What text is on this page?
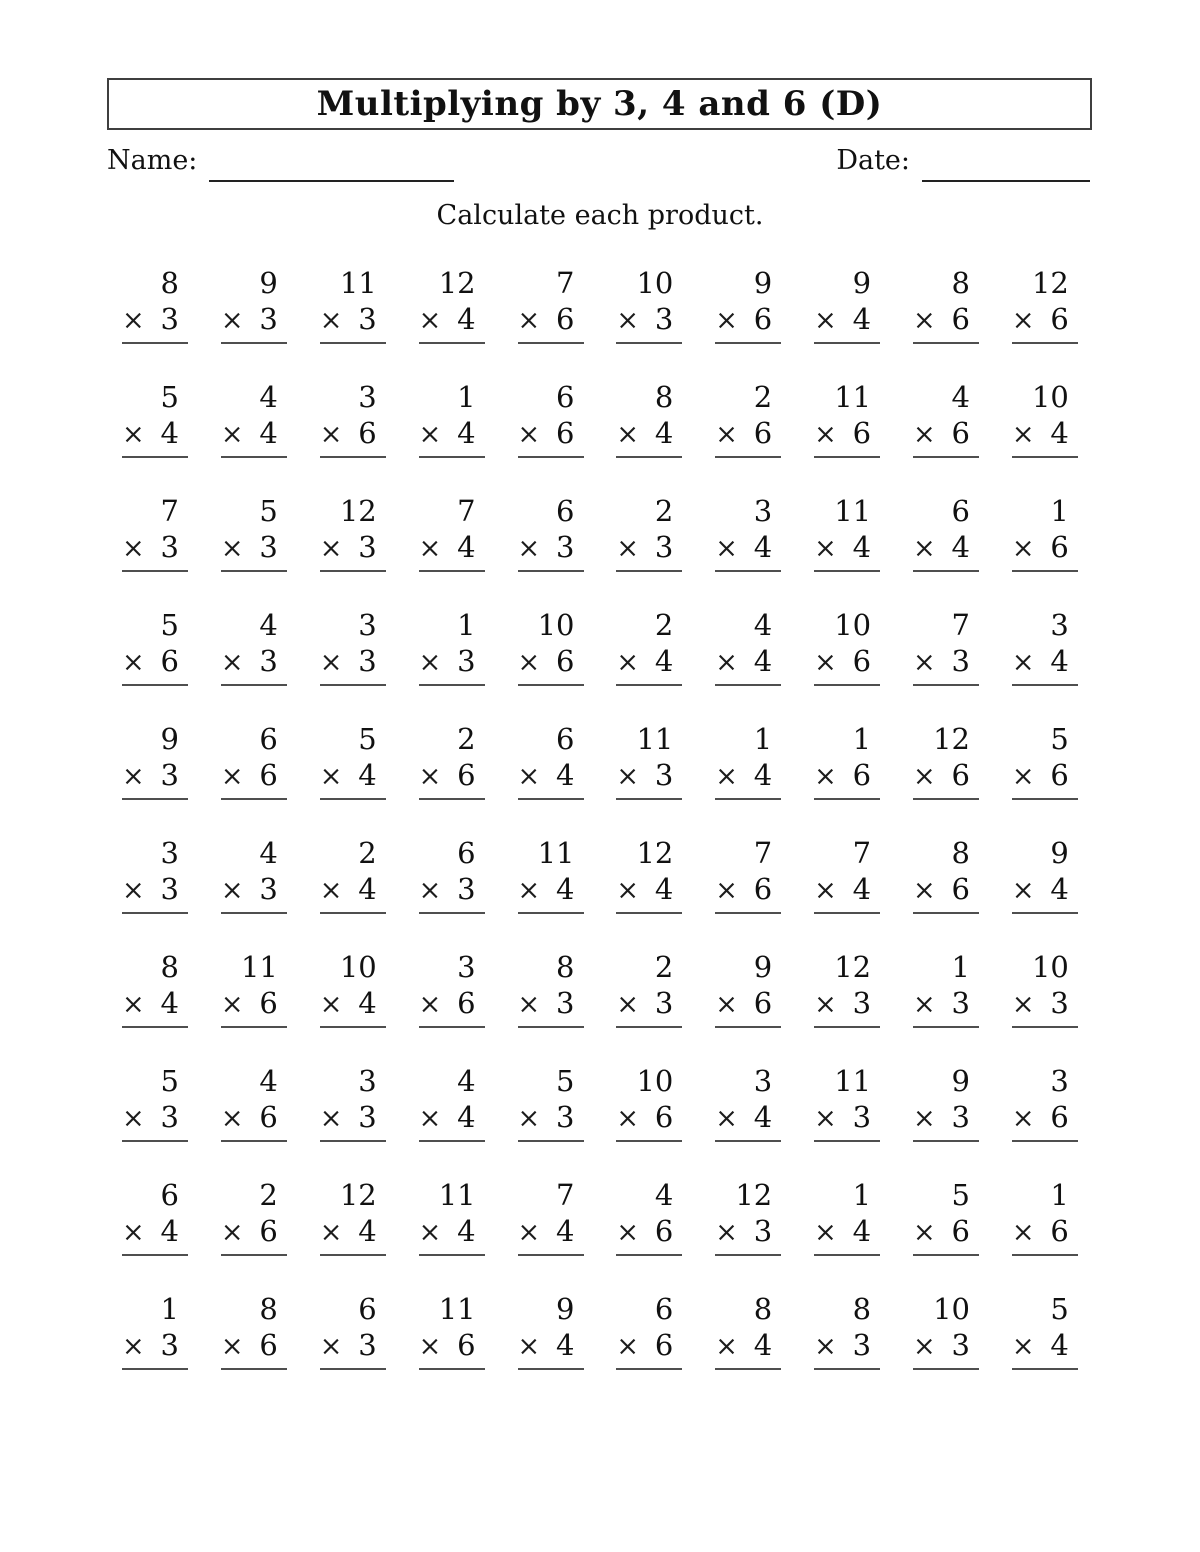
Multiplying by 3, 4 and 6 (D)
Name:	Date:
Calculate each product.
8
× 3
9
× 3
11
× 3
12
× 4
7
× 6
10
× 3
9
× 6
9
× 4
8
× 6
12
× 6
5
× 4
4
× 4
3
× 6
1
× 4
6
× 6
8
× 4
2
× 6
11
× 6
4
× 6
10
× 4
7
× 3
5
× 3
12
× 3
7
× 4
6
× 3
2
× 3
3
× 4
11
× 4
6
× 4
1
× 6
5
× 6
4
× 3
3
× 3
1
× 3
10
× 6
2
× 4
4
× 4
10
× 6
7
× 3
3
× 4
9
× 3
6
× 6
5
× 4
2
× 6
6
× 4
11
× 3
1
× 4
1
× 6
12
× 6
5
× 6
3
× 3
4
× 3
2
× 4
6
× 3
11
× 4
12
× 4
7
× 6
7
× 4
8
× 6
9
× 4
8
× 4
11
× 6
10
× 4
3
× 6
8
× 3
2
× 3
9
× 6
12
× 3
1
× 3
10
× 3
5
× 3
4
× 6
3
× 3
4
× 4
5
× 3
10
× 6
3
× 4
11
× 3
9
× 3
3
× 6
6
× 4
2
× 6
12
× 4
11
× 4
7
× 4
4
× 6
12
× 3
1
× 4
5
× 6
1
× 6
1
× 3
8
× 6
6
× 3
11
× 6
9
× 4
6
× 6
8
× 4
8
× 3
10
× 3
5
× 4
